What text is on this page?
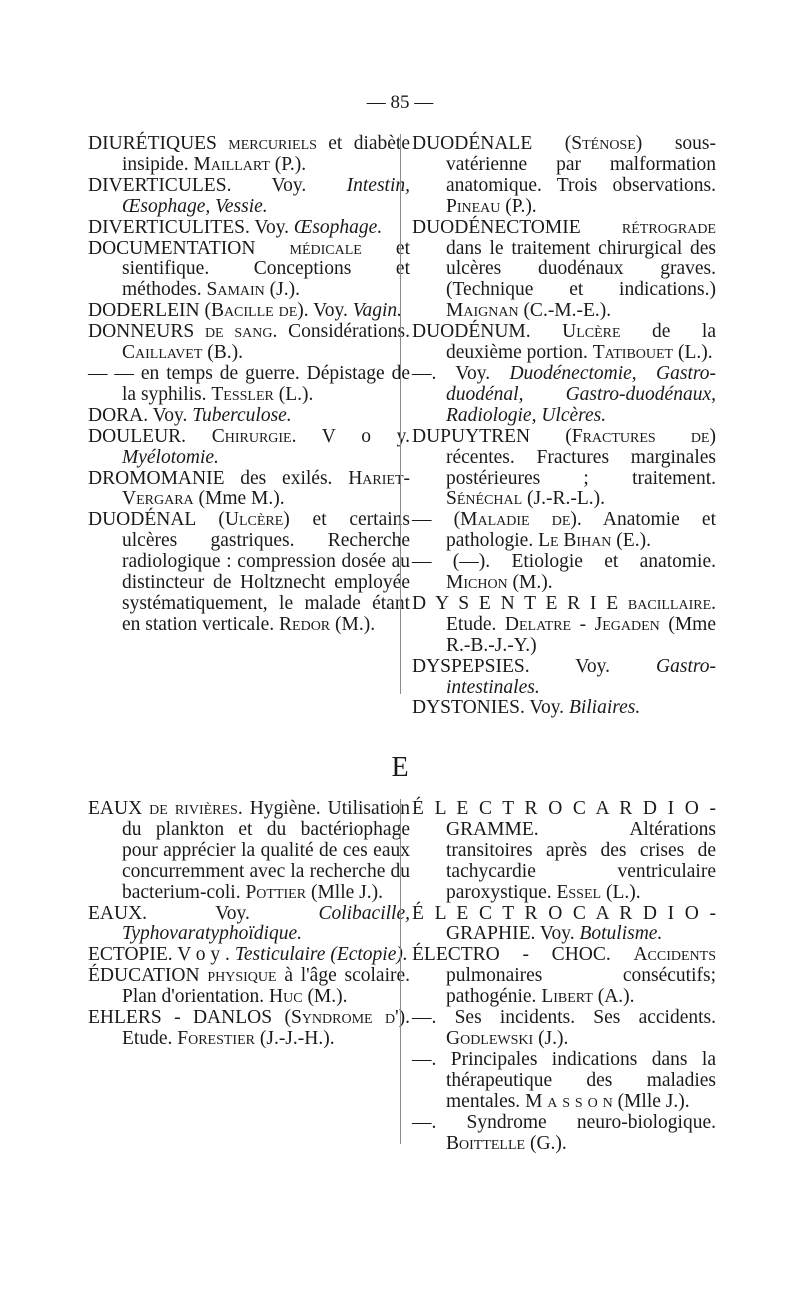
— 85 —

DIURÉTIQUES mercuriels et diabète insipide. Maillart (P.).

DIVERTICULES. Voy. Intestin, Œsophage, Vessie.

DIVERTICULITES. Voy. Œsophage.

DOCUMENTATION médicale et sientifique. Conceptions et méthodes. Samain (J.).

DODERLEIN (Bacille de). Voy. Vagin.

DONNEURS de sang. Considérations. Caillavet (B.).

— — en temps de guerre. Dépistage de la syphilis. Tessler (L.).

DORA. Voy. Tuberculose.

DOULEUR. Chirurgie. V o y. Myélotomie.

DROMOMANIE des exilés. Hariet-Vergara (Mme M.).

DUODÉNAL (Ulcère) et certains ulcères gastriques. Recherche radiologique : compression dosée au distincteur de Holtznecht employée systématiquement, le malade étant en station verticale. Redor (M.).

DUODÉNALE (Sténose) sous-vatérienne par malformation anatomique. Trois observations. Pineau (P.).

DUODÉNECTOMIE rétrograde dans le traitement chirurgical des ulcères duodénaux graves. (Technique et indications.) Maignan (C.-M.-E.).

DUODÉNUM. Ulcère de la deuxième portion. Tatibouet (L.).

—. Voy. Duodénectomie, Gastro-duodénal, Gastro-duodénaux, Radiologie, Ulcères.

DUPUYTREN (Fractures de) récentes. Fractures marginales postérieures ; traitement. Sénéchal (J.-R.-L.).

— (Maladie de). Anatomie et pathologie. Le Bihan (E.).

— (—). Etiologie et anatomie. Michon (M.).

D Y S E N T E R I E bacillaire. Etude. Delatre - Jegaden (Mme R.-B.-J.-Y.)

DYSPEPSIES. Voy. Gastro-intestinales.

DYSTONIES. Voy. Biliaires.

E

EAUX de rivières. Hygiène. Utilisation du plankton et du bactériophage pour apprécier la qualité de ces eaux concurremment avec la recherche du bacterium-coli. Pottier (Mlle J.).

EAUX. Voy. Colibacille, Typhovaratyphoïdique.

ECTOPIE. V o y . Testiculaire (Ectopie).

ÉDUCATION physique à l'âge scolaire. Plan d'orientation. Huc (M.).

EHLERS - DANLOS (Syndrome d'). Etude. Forestier (J.-J.-H.).

É L E C T R O C A R D I O - GRAMME. Altérations transitoires après des crises de tachycardie ventriculaire paroxystique. Essel (L.).

É L E C T R O C A R D I O - GRAPHIE. Voy. Botulisme.

ÉLECTRO - CHOC. Accidents pulmonaires consécutifs; pathogénie. Libert (A.).

—. Ses incidents. Ses accidents. Godlewski (J.).

—. Principales indications dans la thérapeutique des maladies mentales. M a s s o n (Mlle J.).

—. Syndrome neuro-biologique. Boittelle (G.).
